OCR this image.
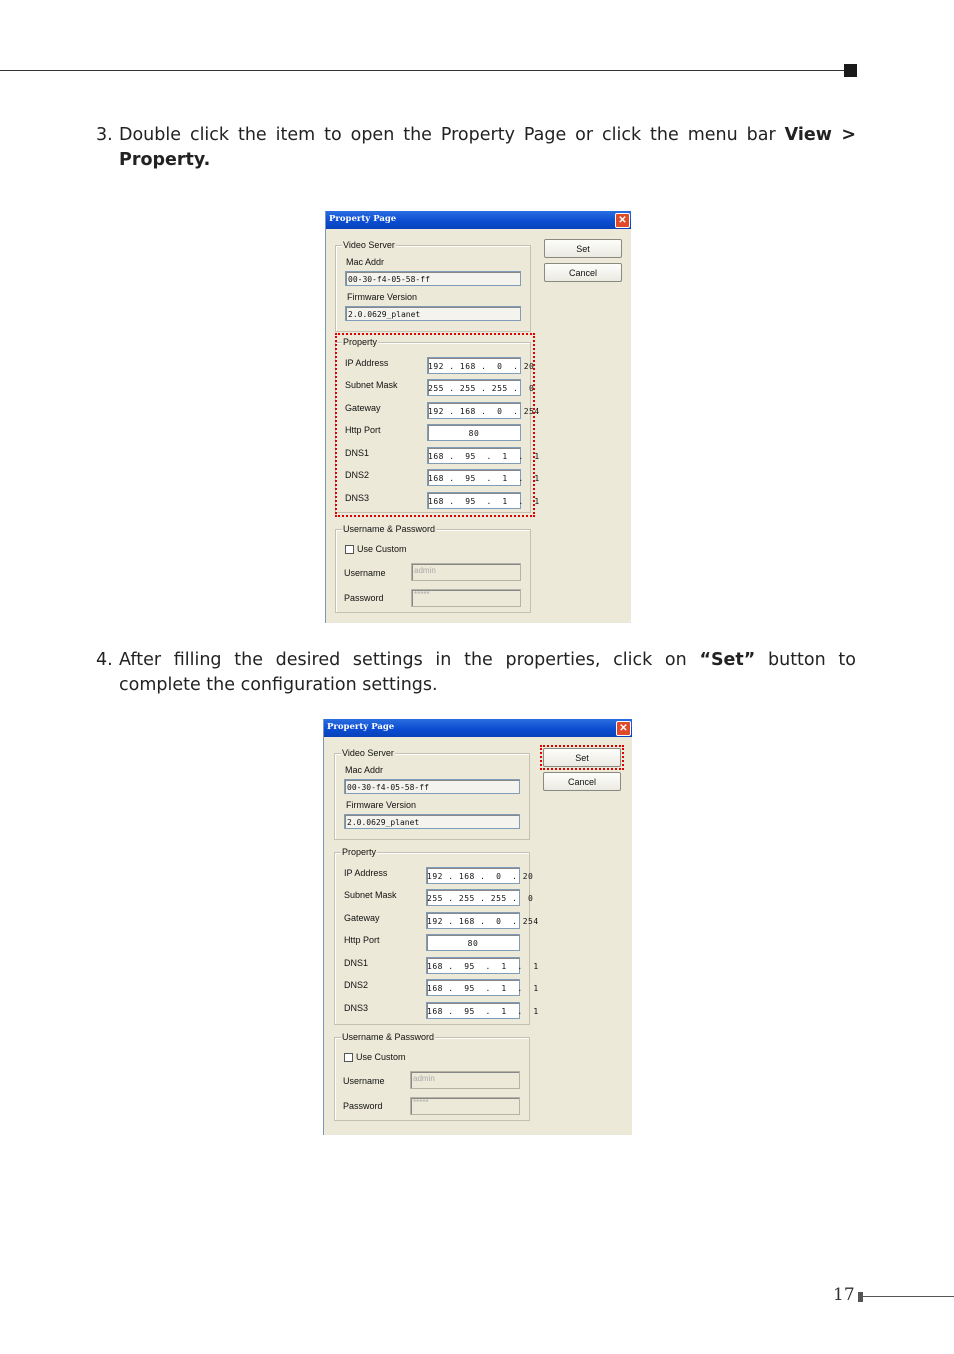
3. Double click the item to open the Property Page or click the menu bar View > Property.
4. After filling the desired settings in the properties, click on “Set” button to complete the configuration settings.
Property Page	✕
Video Server
Mac Addr
00-30-f4-05-58-ff
Firmware Version
2.0.0629_planet
Set
Cancel
Property
IP Address	192 . 168 .  0  . 20
Subnet Mask	255 . 255 . 255 .  0
Gateway	192 . 168 .  0  . 254
Http Port	80
DNS1	168 .  95  .  1  .  1
DNS2	168 .  95  .  1  .  1
DNS3	168 .  95  .  1  .  1
Username & Password
Use Custom
Username	admin
Password	*****
Property Page	✕
Video Server
Mac Addr
00-30-f4-05-58-ff
Firmware Version
2.0.0629_planet
Set
Cancel
Property
IP Address	192 . 168 .  0  . 20
Subnet Mask	255 . 255 . 255 .  0
Gateway	192 . 168 .  0  . 254
Http Port	80
DNS1	168 .  95  .  1  .  1
DNS2	168 .  95  .  1  .  1
DNS3	168 .  95  .  1  .  1
Username & Password
Use Custom
Username	admin
Password	*****
17
